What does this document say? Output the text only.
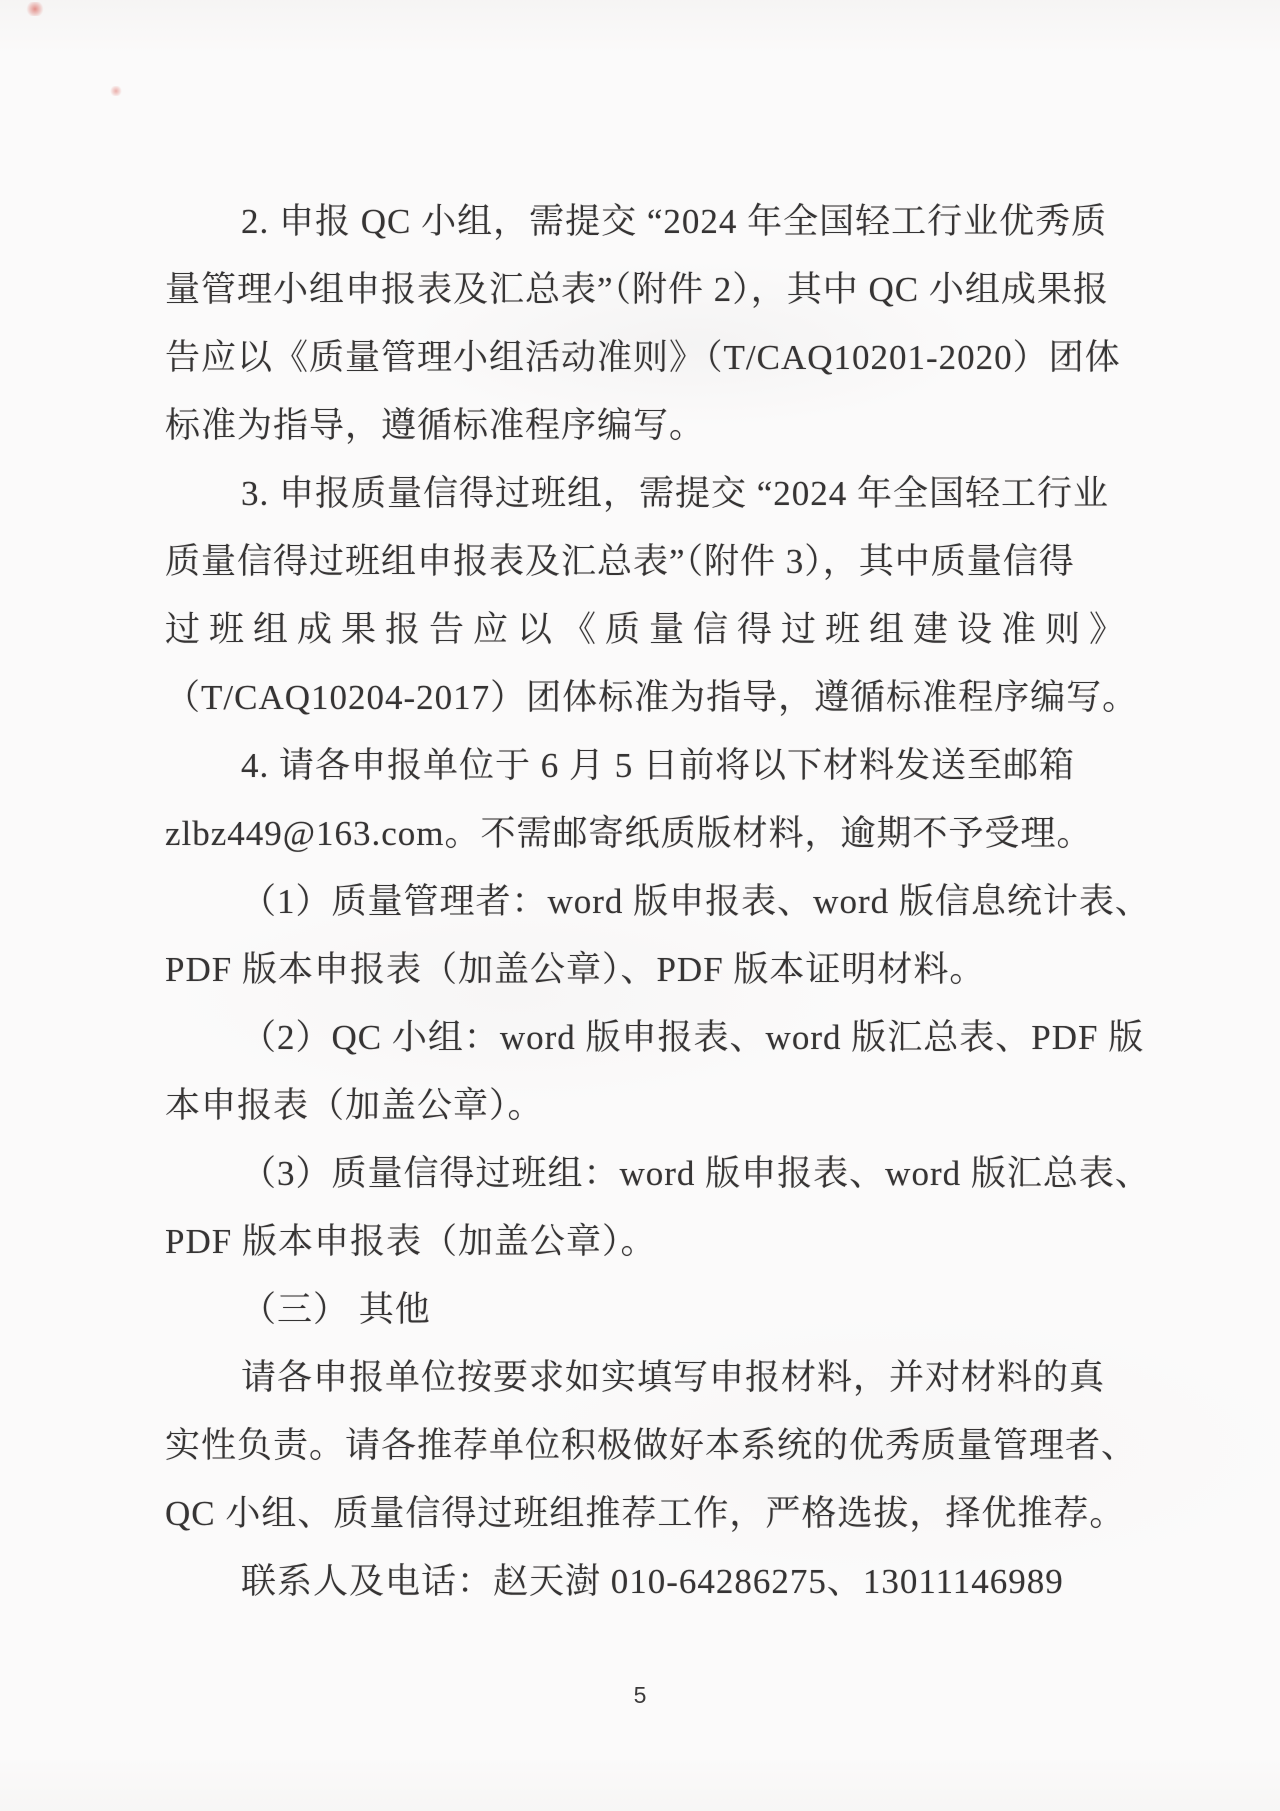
2. 申报 QC 小组，需提交 “2024 年全国轻工行业优秀质
量管理小组申报表及汇总表”（附件 2），其中 QC 小组成果报
告应以《质量管理小组活动准则》（T/CAQ10201-2020）团体
标准为指导，遵循标准程序编写。
3. 申报质量信得过班组，需提交 “2024 年全国轻工行业
质量信得过班组申报表及汇总表”（附件 3），其中质量信得
过班组成果报告应以《质量信得过班组建设准则》
（T/CAQ10204-2017）团体标准为指导，遵循标准程序编写。
4. 请各申报单位于 6 月 5 日前将以下材料发送至邮箱
zlbz449@163.com。不需邮寄纸质版材料，逾期不予受理。
（1）质量管理者：word 版申报表、word 版信息统计表、
PDF 版本申报表（加盖公章）、PDF 版本证明材料。
（2）QC 小组：word 版申报表、word 版汇总表、PDF 版
本申报表（加盖公章）。
（3）质量信得过班组：word 版申报表、word 版汇总表、
PDF 版本申报表（加盖公章）。
（三） 其他
请各申报单位按要求如实填写申报材料，并对材料的真
实性负责。请各推荐单位积极做好本系统的优秀质量管理者、
QC 小组、质量信得过班组推荐工作，严格选拔，择优推荐。
联系人及电话：赵天澍 010-64286275、13011146989
5
